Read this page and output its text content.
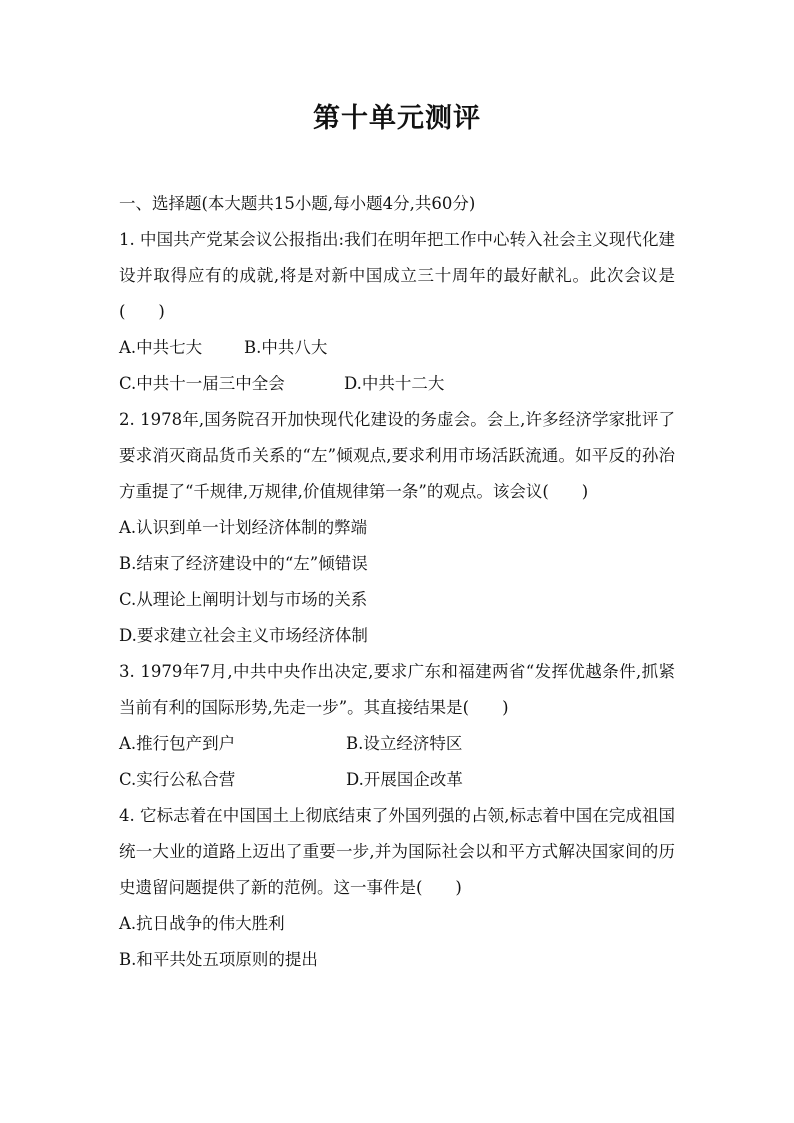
第十单元测评

一、选择题(本大题共15小题,每小题4分,共60分)

1. 中国共产党某会议公报指出:我们在明年把工作中心转入社会主义现代化建设并取得应有的成就,将是对新中国成立三十周年的最好献礼。此次会议是(　　)

A.中共七大	B.中共八大
C.中共十一届三中全会	D.中共十二大

2. 1978年,国务院召开加快现代化建设的务虚会。会上,许多经济学家批评了要求消灭商品货币关系的“左”倾观点,要求利用市场活跃流通。如平反的孙治方重提了“千规律,万规律,价值规律第一条”的观点。该会议(　　)

A.认识到单一计划经济体制的弊端

B.结束了经济建设中的“左”倾错误

C.从理论上阐明计划与市场的关系

D.要求建立社会主义市场经济体制

3. 1979年7月,中共中央作出决定,要求广东和福建两省“发挥优越条件,抓紧当前有利的国际形势,先走一步”。其直接结果是(　　)

A.推行包产到户	B.设立经济特区
C.实行公私合营	D.开展国企改革

4. 它标志着在中国国土上彻底结束了外国列强的占领,标志着中国在完成祖国统一大业的道路上迈出了重要一步,并为国际社会以和平方式解决国家间的历史遗留问题提供了新的范例。这一事件是(　　)

A.抗日战争的伟大胜利

B.和平共处五项原则的提出
